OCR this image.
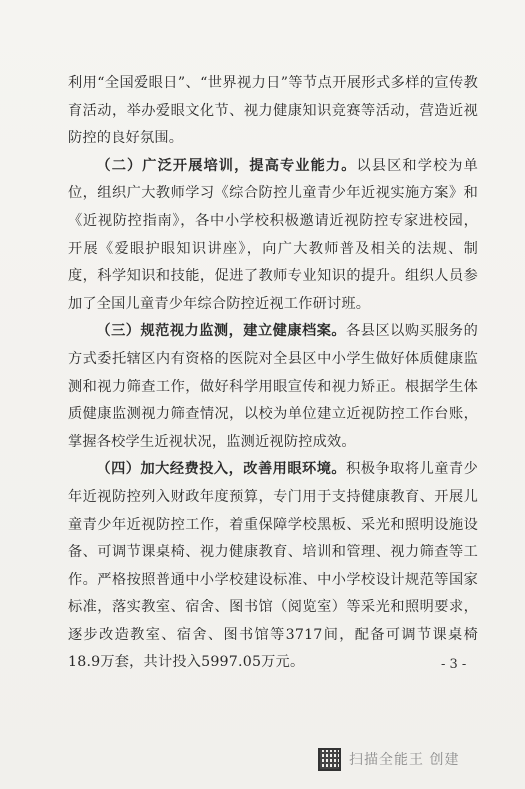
利用“全国爱眼日”、“世界视力日”等节点开展形式多样的宣传教育活动，举办爱眼文化节、视力健康知识竞赛等活动，营造近视防控的良好氛围。

（二）广泛开展培训，提高专业能力。以县区和学校为单位，组织广大教师学习《综合防控儿童青少年近视实施方案》和《近视防控指南》，各中小学校积极邀请近视防控专家进校园，开展《爱眼护眼知识讲座》，向广大教师普及相关的法规、制度，科学知识和技能，促进了教师专业知识的提升。组织人员参加了全国儿童青少年综合防控近视工作研讨班。

（三）规范视力监测，建立健康档案。各县区以购买服务的方式委托辖区内有资格的医院对全县区中小学生做好体质健康监测和视力筛查工作，做好科学用眼宣传和视力矫正。根据学生体质健康监测视力筛查情况，以校为单位建立近视防控工作台账，掌握各校学生近视状况，监测近视防控成效。

（四）加大经费投入，改善用眼环境。积极争取将儿童青少年近视防控列入财政年度预算，专门用于支持健康教育、开展儿童青少年近视防控工作，着重保障学校黑板、采光和照明设施设备、可调节课桌椅、视力健康教育、培训和管理、视力筛查等工作。严格按照普通中小学校建设标准、中小学校设计规范等国家标准，落实教室、宿舍、图书馆（阅览室）等采光和照明要求，逐步改造教室、宿舍、图书馆等3717间，配备可调节课桌椅18.9万套，共计投入5997.05万元。	- 3 -
扫描全能王 创建
